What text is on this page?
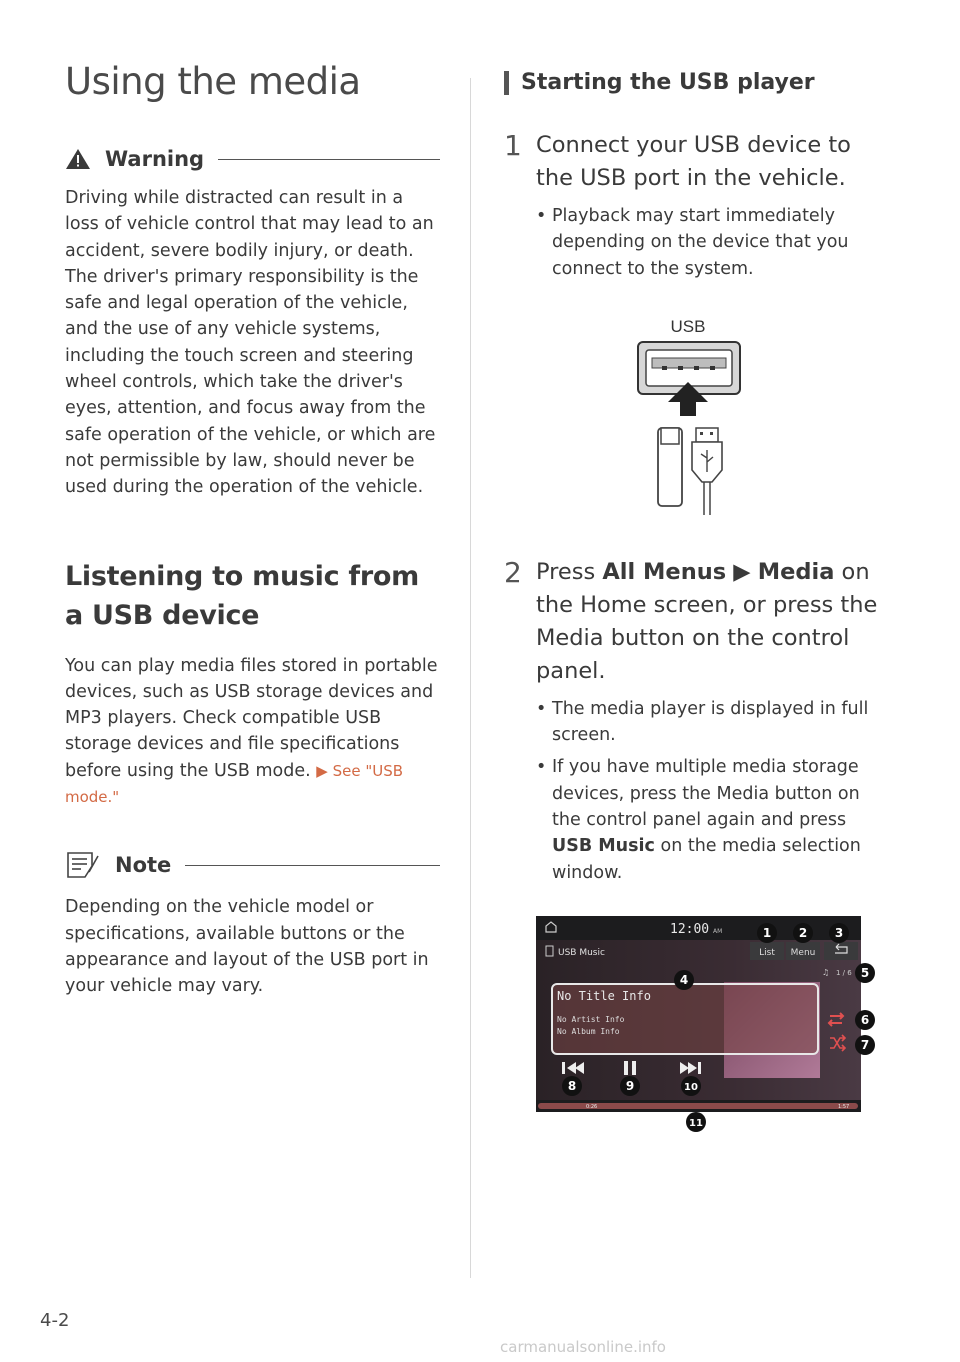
Using the media
Warning
Driving while distracted can result in a loss of vehicle control that may lead to an accident, severe bodily injury, or death. The driver's primary responsibility is the safe and legal operation of the vehicle, and the use of any vehicle systems, including the touch screen and steering wheel controls, which take the driver's eyes, attention, and focus away from the safe operation of the vehicle, or which are not permissible by law, should never be used during the operation of the vehicle.
Listening to music from a USB device
You can play media files stored in portable devices, such as USB storage devices and MP3 players. Check compatible USB storage devices and file specifications before using the USB mode. ▶ See "USB mode."
Note
Depending on the vehicle model or specifications, available buttons or the appearance and layout of the USB port in your vehicle may vary.
Starting the USB player
1 Connect your USB device to the USB port in the vehicle.
• Playback may start immediately depending on the device that you connect to the system.
2 Press All Menus ▶ Media on the Home screen, or press the Media button on the control panel.
• The media player is displayed in full screen.
• If you have multiple media storage devices, press the Media button on the control panel again and press USB Music on the media selection window.
USB
12:00 AM
USB Music	List Menu
♫ 1 / 6
No Title Info
No Artist Info
No Album Info
0:26	1:57
1 2 3
4	5
6
7
8	9	10
11
4-2
carmanualsonline.info
